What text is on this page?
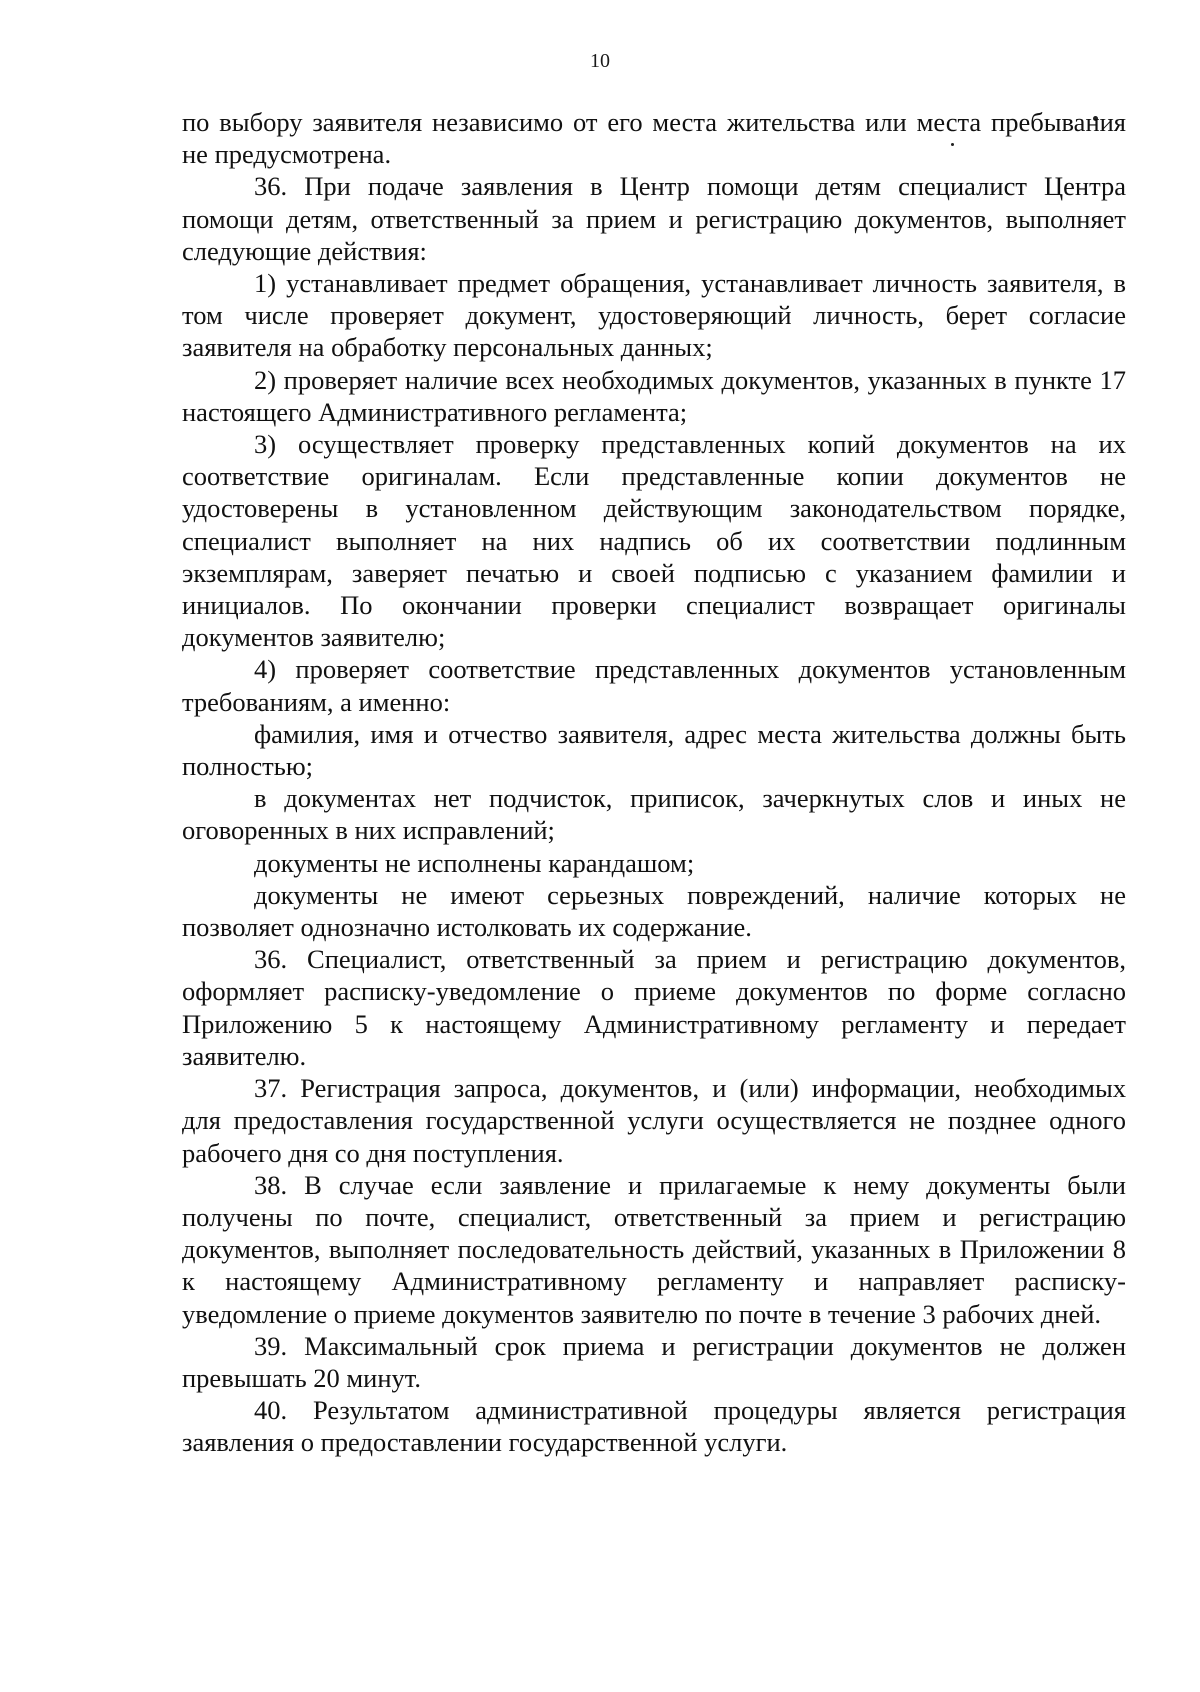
10

по выбору заявителя независимо от его места жительства или места пребывания не предусмотрена.

36. При подаче заявления в Центр помощи детям специалист Центра помощи детям, ответственный за прием и регистрацию документов, выполняет следующие действия:

1) устанавливает предмет обращения, устанавливает личность заявителя, в том числе проверяет документ, удостоверяющий личность, берет согласие заявителя на обработку персональных данных;

2) проверяет наличие всех необходимых документов, указанных в пункте 17 настоящего Административного регламента;

3) осуществляет проверку представленных копий документов на их соответствие оригиналам. Если представленные копии документов не удостоверены в установленном действующим законодательством порядке, специалист выполняет на них надпись об их соответствии подлинным экземплярам, заверяет печатью и своей подписью с указанием фамилии и инициалов. По окончании проверки специалист возвращает оригиналы документов заявителю;

4) проверяет соответствие представленных документов установленным требованиям, а именно:

фамилия, имя и отчество заявителя, адрес места жительства должны быть полностью;

в документах нет подчисток, приписок, зачеркнутых слов и иных не оговоренных в них исправлений;

документы не исполнены карандашом;

документы не имеют серьезных повреждений, наличие которых не позволяет однозначно истолковать их содержание.

36. Специалист, ответственный за прием и регистрацию документов, оформляет расписку-уведомление о приеме документов по форме согласно Приложению 5 к настоящему Административному регламенту и передает заявителю.

37. Регистрация запроса, документов, и (или) информации, необходимых для предоставления государственной услуги осуществляется не позднее одного рабочего дня со дня поступления.

38. В случае если заявление и прилагаемые к нему документы были получены по почте, специалист, ответственный за прием и регистрацию документов, выполняет последовательность действий, указанных в Приложении 8 к настоящему Административному регламенту и направляет расписку-уведомление о приеме документов заявителю по почте в течение 3 рабочих дней.

39. Максимальный срок приема и регистрации документов не должен превышать 20 минут.

40. Результатом административной процедуры является регистрация заявления о предоставлении государственной услуги.
